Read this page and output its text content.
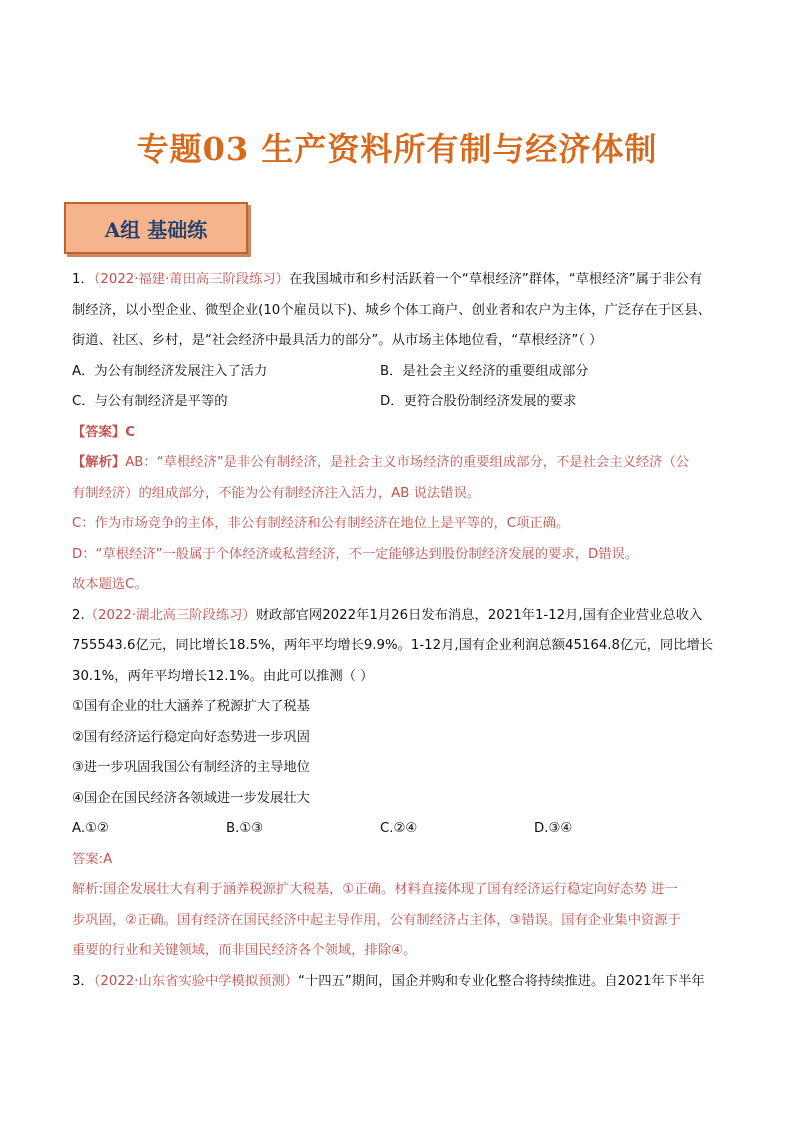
专题03 生产资料所有制与经济体制
A组 基础练
1．（2022·福建·莆田高三阶段练习）在我国城市和乡村活跃着一个“草根经济”群体，“草根经济”属于非公有
制经济，以小型企业、微型企业(10个雇员以下)、城乡个体工商户、创业者和农户为主体，广泛存在于区县、
街道、社区、乡村，是“社会经济中最具活力的部分”。从市场主体地位看，“草根经济”（ ）
A．为公有制经济发展注入了活力	B．是社会主义经济的重要组成部分
C．与公有制经济是平等的	D．更符合股份制经济发展的要求
【答案】C
【解析】AB：“草根经济”是非公有制经济，是社会主义市场经济的重要组成部分，不是社会主义经济（公
有制经济）的组成部分，不能为公有制经济注入活力，AB 说法错误。
C：作为市场竞争的主体，非公有制经济和公有制经济在地位上是平等的，C项正确。
D：“草根经济”一般属于个体经济或私营经济，不一定能够达到股份制经济发展的要求，D错误。
故本题选C。
2.（2022·湖北高三阶段练习）财政部官网2022年1月26日发布消息，2021年1-12月,国有企业营业总收入
755543.6亿元，同比增长18.5%，两年平均增长9.9%。1-12月,国有企业利润总额45164.8亿元，同比增长
30.1%，两年平均增长12.1%。由此可以推测（ ）
①国有企业的壮大涵养了税源扩大了税基
②国有经济运行稳定向好态势进一步巩固
③进一步巩固我国公有制经济的主导地位
④国企在国民经济各领域进一步发展壮大
A.①②	B.①③	C.②④	D.③④
答案:A
解析:国企发展壮大有利于涵养税源扩大税基，①正确。材料直接体现了国有经济运行稳定向好态势 进一
步巩固，②正确。国有经济在国民经济中起主导作用，公有制经济占主体，③错误。国有企业集中资源于
重要的行业和关键领域，而非国民经济各个领域，排除④。
3．（2022·山东省实验中学模拟预测）“十四五”期间，国企并购和专业化整合将持续推进。自2021年下半年
